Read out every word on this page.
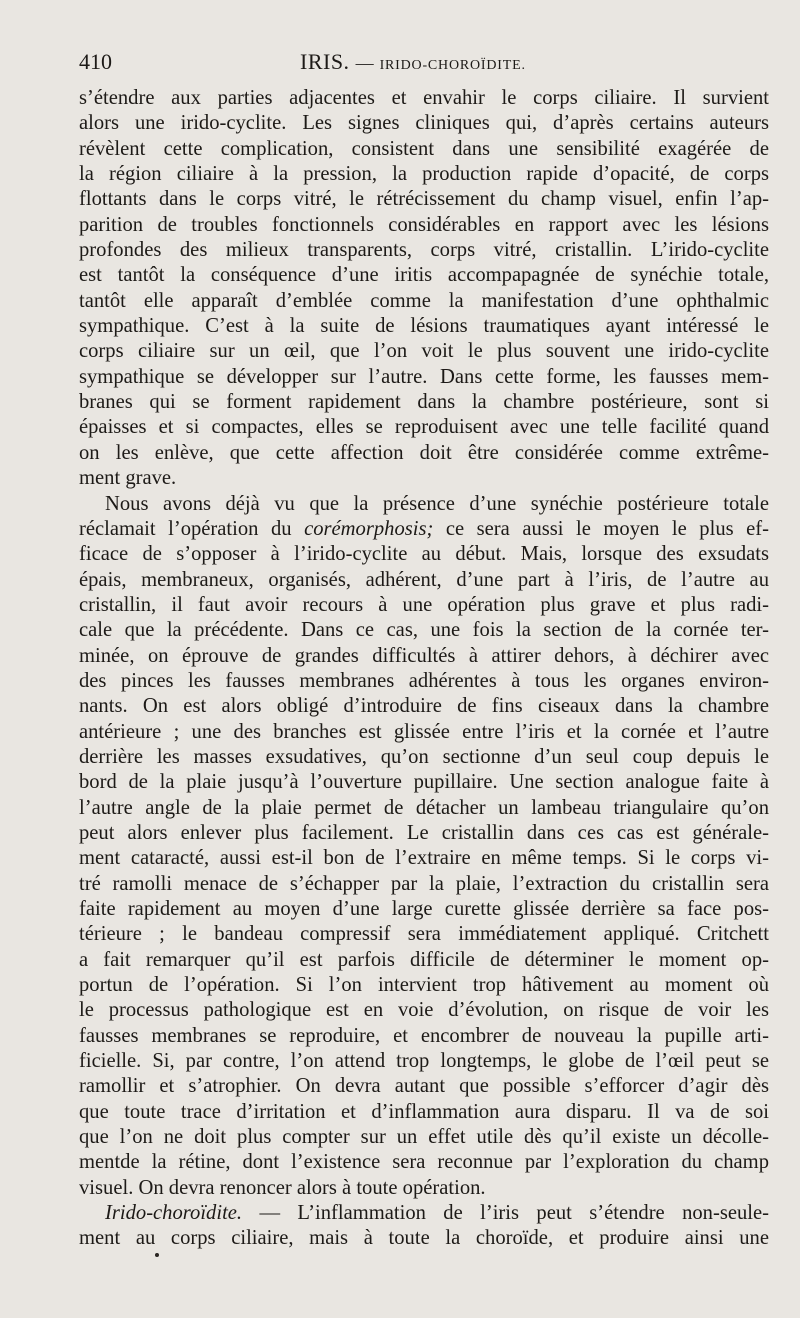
410	IRIS. — IRIDO-CHOROÏDITE.

s’étendre aux parties adjacentes et envahir le corps ciliaire. Il survient
alors une irido-cyclite. Les signes cliniques qui, d’après certains auteurs
révèlent cette complication, consistent dans une sensibilité exagérée de
la région ciliaire à la pression, la production rapide d’opacité, de corps
flottants dans le corps vitré, le rétrécissement du champ visuel, enfin l’ap-
parition de troubles fonctionnels considérables en rapport avec les lésions
profondes des milieux transparents, corps vitré, cristallin. L’irido-cyclite
est tantôt la conséquence d’une iritis accompapagnée de synéchie totale,
tantôt elle apparaît d’emblée comme la manifestation d’une ophthalmic
sympathique. C’est à la suite de lésions traumatiques ayant intéressé le
corps ciliaire sur un œil, que l’on voit le plus souvent une irido-cyclite
sympathique se développer sur l’autre. Dans cette forme, les fausses mem-
branes qui se forment rapidement dans la chambre postérieure, sont si
épaisses et si compactes, elles se reproduisent avec une telle facilité quand
on les enlève, que cette affection doit être considérée comme extrême-
ment grave.

Nous avons déjà vu que la présence d’une synéchie postérieure totale
réclamait l’opération du corémorphosis; ce sera aussi le moyen le plus ef-
ficace de s’opposer à l’irido-cyclite au début. Mais, lorsque des exsudats
épais, membraneux, organisés, adhérent, d’une part à l’iris, de l’autre au
cristallin, il faut avoir recours à une opération plus grave et plus radi-
cale que la précédente. Dans ce cas, une fois la section de la cornée ter-
minée, on éprouve de grandes difficultés à attirer dehors, à déchirer avec
des pinces les fausses membranes adhérentes à tous les organes environ-
nants. On est alors obligé d’introduire de fins ciseaux dans la chambre
antérieure ; une des branches est glissée entre l’iris et la cornée et l’autre
derrière les masses exsudatives, qu’on sectionne d’un seul coup depuis le
bord de la plaie jusqu’à l’ouverture pupillaire. Une section analogue faite à
l’autre angle de la plaie permet de détacher un lambeau triangulaire qu’on
peut alors enlever plus facilement. Le cristallin dans ces cas est générale-
ment cataracté, aussi est-il bon de l’extraire en même temps. Si le corps vi-
tré ramolli menace de s’échapper par la plaie, l’extraction du cristallin sera
faite rapidement au moyen d’une large curette glissée derrière sa face pos-
térieure ; le bandeau compressif sera immédiatement appliqué. Critchett
a fait remarquer qu’il est parfois difficile de déterminer le moment op-
portun de l’opération. Si l’on intervient trop hâtivement au moment où
le processus pathologique est en voie d’évolution, on risque de voir les
fausses membranes se reproduire, et encombrer de nouveau la pupille arti-
ficielle. Si, par contre, l’on attend trop longtemps, le globe de l’œil peut se
ramollir et s’atrophier. On devra autant que possible s’efforcer d’agir dès
que toute trace d’irritation et d’inflammation aura disparu. Il va de soi
que l’on ne doit plus compter sur un effet utile dès qu’il existe un décolle-
mentde la rétine, dont l’existence sera reconnue par l’exploration du champ
visuel. On devra renoncer alors à toute opération.

Irido-choroïdite. — L’inflammation de l’iris peut s’étendre non-seule-
ment au corps ciliaire, mais à toute la choroïde, et produire ainsi une
